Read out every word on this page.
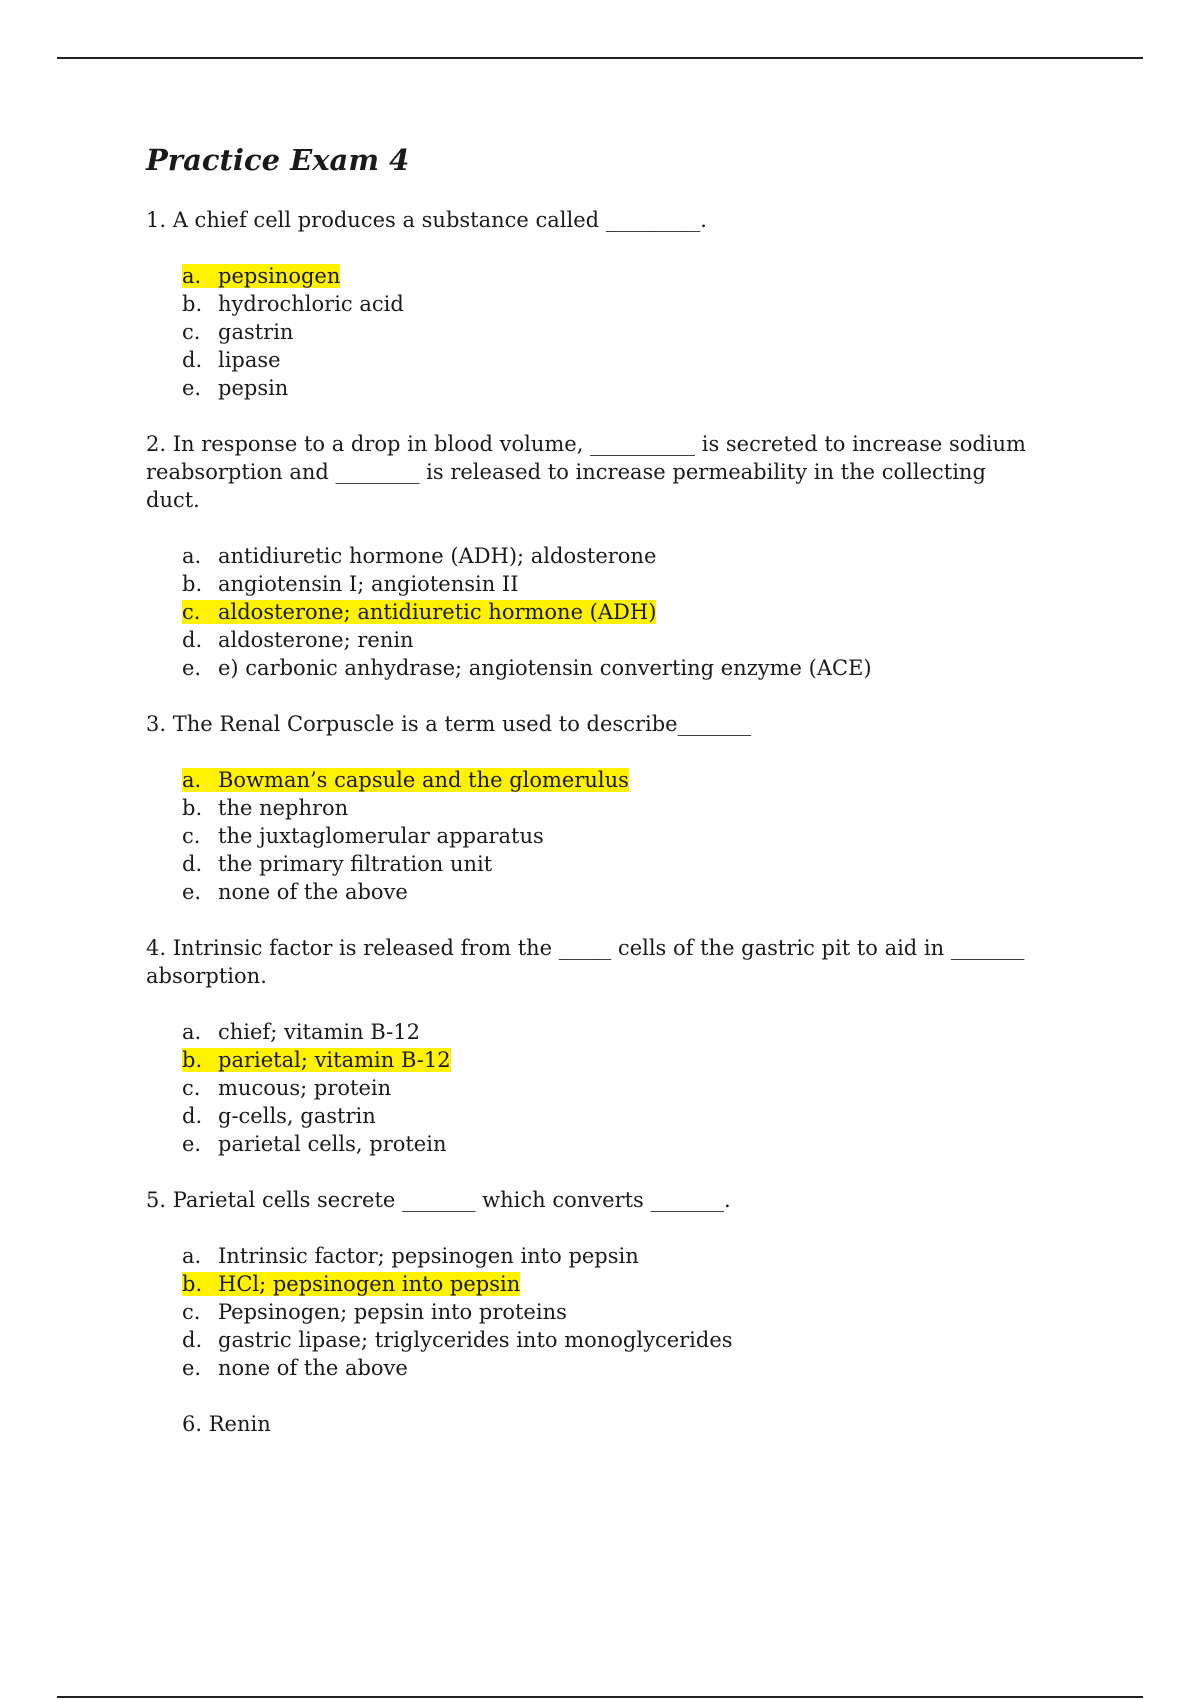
Practice Exam 4

1. A chief cell produces a substance called _________.

a. pepsinogen
b. hydrochloric acid
c. gastrin
d. lipase
e. pepsin

2. In response to a drop in blood volume, __________ is secreted to increase sodium reabsorption and ________ is released to increase permeability in the collecting duct.

a. antidiuretic hormone (ADH); aldosterone
b. angiotensin I; angiotensin II
c. aldosterone; antidiuretic hormone (ADH)
d. aldosterone; renin
e. e) carbonic anhydrase; angiotensin converting enzyme (ACE)

3. The Renal Corpuscle is a term used to describe_______

a. Bowman’s capsule and the glomerulus
b. the nephron
c. the juxtaglomerular apparatus
d. the primary filtration unit
e. none of the above

4. Intrinsic factor is released from the _____ cells of the gastric pit to aid in _______ absorption.

a. chief; vitamin B-12
b. parietal; vitamin B-12
c. mucous; protein
d. g-cells, gastrin
e. parietal cells, protein

5. Parietal cells secrete _______ which converts _______.

a. Intrinsic factor; pepsinogen into pepsin
b. HCl; pepsinogen into pepsin
c. Pepsinogen; pepsin into proteins
d. gastric lipase; triglycerides into monoglycerides
e. none of the above

6. Renin
